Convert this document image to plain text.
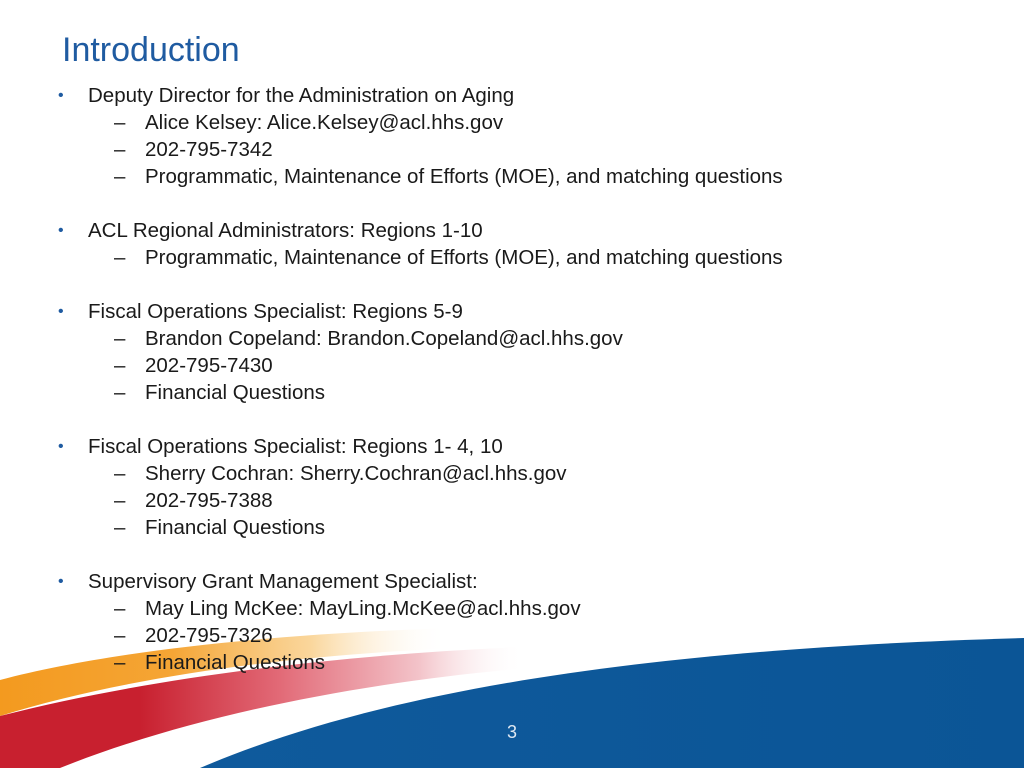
Introduction
• Deputy Director for the Administration on Aging
– Alice Kelsey: Alice.Kelsey@acl.hhs.gov
– 202-795-7342
– Programmatic, Maintenance of Efforts (MOE), and matching questions
• ACL Regional Administrators: Regions 1-10
– Programmatic, Maintenance of Efforts (MOE), and matching questions
• Fiscal Operations Specialist: Regions 5-9
– Brandon Copeland: Brandon.Copeland@acl.hhs.gov
– 202-795-7430
– Financial Questions
• Fiscal Operations Specialist: Regions 1- 4, 10
– Sherry Cochran: Sherry.Cochran@acl.hhs.gov
– 202-795-7388
– Financial Questions
• Supervisory Grant Management Specialist:
– May Ling McKee: MayLing.McKee@acl.hhs.gov
– 202-795-7326
– Financial Questions
3
